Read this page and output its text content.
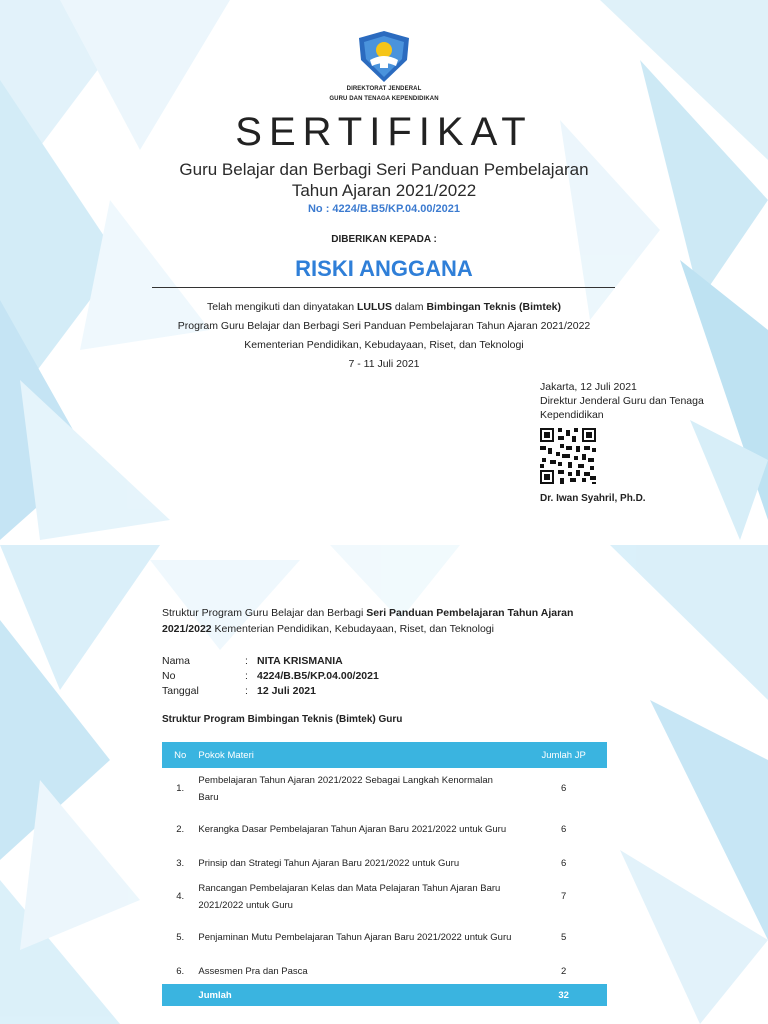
DIREKTORAT JENDERAL
GURU DAN TENAGA KEPENDIDIKAN
SERTIFIKAT
Guru Belajar dan Berbagi Seri Panduan Pembelajaran
Tahun Ajaran 2021/2022
No : 4224/B.B5/KP.04.00/2021
DIBERIKAN KEPADA :
RISKI ANGGANA

Telah mengikuti dan dinyatakan LULUS dalam Bimbingan Teknis (Bimtek)

Program Guru Belajar dan Berbagi Seri Panduan Pembelajaran Tahun Ajaran 2021/2022

Kementerian Pendidikan, Kebudayaan, Riset, dan Teknologi

7 - 11 Juli 2021

Jakarta, 12 Juli 2021
Direktur Jenderal Guru dan Tenaga
Kependidikan
Dr. Iwan Syahril, Ph.D.
Struktur Program Guru Belajar dan Berbagi Seri Panduan Pembelajaran Tahun Ajaran 2021/2022 Kementerian Pendidikan, Kebudayaan, Riset, dan Teknologi
Nama	: NITA KRISMANIA
No	: 4224/B.B5/KP.04.00/2021
Tanggal	: 12 Juli 2021
Struktur Program Bimbingan Teknis (Bimtek) Guru
No	Pokok Materi	Jumlah JP
1.	Pembelajaran Tahun Ajaran 2021/2022 Sebagai Langkah Kenormalan Baru	6
2.	Kerangka Dasar Pembelajaran Tahun Ajaran Baru 2021/2022 untuk Guru	6
3.	Prinsip dan Strategi Tahun Ajaran Baru 2021/2022 untuk Guru	6
4.	Rancangan Pembelajaran Kelas dan Mata Pelajaran Tahun Ajaran Baru 2021/2022 untuk Guru	7
5.	Penjaminan Mutu Pembelajaran Tahun Ajaran Baru 2021/2022 untuk Guru	5
6.	Assesmen Pra dan Pasca	2
	Jumlah	32
